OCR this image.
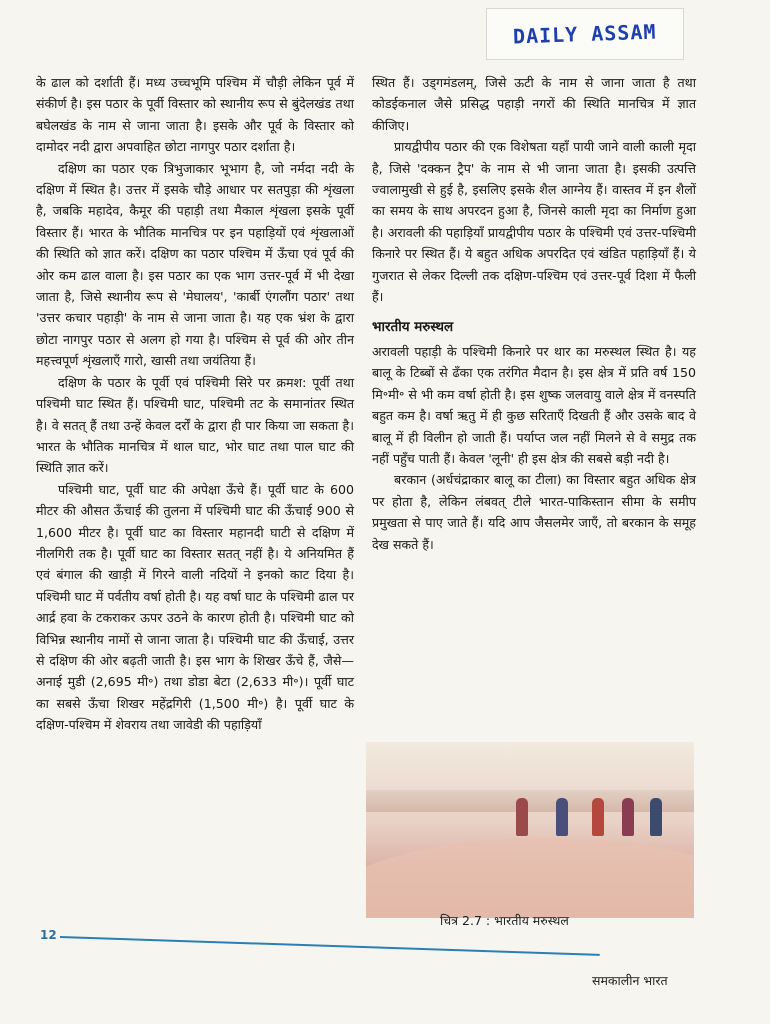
DAILY ASSAM

के ढाल को दर्शाती हैं। मध्य उच्चभूमि पश्चिम में चौड़ी लेकिन पूर्व में संकीर्ण है। इस पठार के पूर्वी विस्तार को स्थानीय रूप से बुंदेलखंड तथा बघेलखंड के नाम से जाना जाता है। इसके और पूर्व के विस्तार को दामोदर नदी द्वारा अपवाहित छोटा नागपुर पठार दर्शाता है।

दक्षिण का पठार एक त्रिभुजाकार भूभाग है, जो नर्मदा नदी के दक्षिण में स्थित है। उत्तर में इसके चौड़े आधार पर सतपुड़ा की शृंखला है, जबकि महादेव, कैमूर की पहाड़ी तथा मैकाल शृंखला इसके पूर्वी विस्तार हैं। भारत के भौतिक मानचित्र पर इन पहाड़ियों एवं शृंखलाओं की स्थिति को ज्ञात करें। दक्षिण का पठार पश्चिम में ऊँचा एवं पूर्व की ओर कम ढाल वाला है। इस पठार का एक भाग उत्तर-पूर्व में भी देखा जाता है, जिसे स्थानीय रूप से 'मेघालय', 'कार्बी एंगलौंग पठार' तथा 'उत्तर कचार पहाड़ी' के नाम से जाना जाता है। यह एक भ्रंश के द्वारा छोटा नागपुर पठार से अलग हो गया है। पश्चिम से पूर्व की ओर तीन महत्त्वपूर्ण शृंखलाएँ गारो, खासी तथा जयंतिया हैं।

दक्षिण के पठार के पूर्वी एवं पश्चिमी सिरे पर क्रमश: पूर्वी तथा पश्चिमी घाट स्थित हैं। पश्चिमी घाट, पश्चिमी तट के समानांतर स्थित है। वे सतत् हैं तथा उन्हें केवल दर्रों के द्वारा ही पार किया जा सकता है। भारत के भौतिक मानचित्र में थाल घाट, भोर घाट तथा पाल घाट की स्थिति ज्ञात करें।

पश्चिमी घाट, पूर्वी घाट की अपेक्षा ऊँचे हैं। पूर्वी घाट के 600 मीटर की औसत ऊँचाई की तुलना में पश्चिमी घाट की ऊँचाई 900 से 1,600 मीटर है। पूर्वी घाट का विस्तार महानदी घाटी से दक्षिण में नीलगिरी तक है। पूर्वी घाट का विस्तार सतत् नहीं है। ये अनियमित हैं एवं बंगाल की खाड़ी में गिरने वाली नदियों ने इनको काट दिया है। पश्चिमी घाट में पर्वतीय वर्षा होती है। यह वर्षा घाट के पश्चिमी ढाल पर आर्द्र हवा के टकराकर ऊपर उठने के कारण होती है। पश्चिमी घाट को विभिन्न स्थानीय नामों से जाना जाता है। पश्चिमी घाट की ऊँचाई, उत्तर से दक्षिण की ओर बढ़ती जाती है। इस भाग के शिखर ऊँचे हैं, जैसे— अनाई मुडी (2,695 मी॰) तथा डोडा बेटा (2,633 मी॰)। पूर्वी घाट का सबसे ऊँचा शिखर महेंद्रगिरी (1,500 मी॰) है। पूर्वी घाट के दक्षिण-पश्चिम में शेवराय तथा जावेडी की पहाड़ियाँ

स्थित हैं। उड्गमंडलम्, जिसे ऊटी के नाम से जाना जाता है तथा कोडईकनाल जैसे प्रसिद्ध पहाड़ी नगरों की स्थिति मानचित्र में ज्ञात कीजिए।

प्रायद्वीपीय पठार की एक विशेषता यहाँ पायी जाने वाली काली मृदा है, जिसे 'दक्कन ट्रैप' के नाम से भी जाना जाता है। इसकी उत्पत्ति ज्वालामुखी से हुई है, इसलिए इसके शैल आग्नेय हैं। वास्तव में इन शैलों का समय के साथ अपरदन हुआ है, जिनसे काली मृदा का निर्माण हुआ है। अरावली की पहाड़ियाँ प्रायद्वीपीय पठार के पश्चिमी एवं उत्तर-पश्चिमी किनारे पर स्थित हैं। ये बहुत अधिक अपरदित एवं खंडित पहाड़ियाँ हैं। ये गुजरात से लेकर दिल्ली तक दक्षिण-पश्चिम एवं उत्तर-पूर्व दिशा में फैली हैं।

भारतीय मरुस्थल

अरावली पहाड़ी के पश्चिमी किनारे पर थार का मरुस्थल स्थित है। यह बालू के टिब्बों से ढँका एक तरंगित मैदान है। इस क्षेत्र में प्रति वर्ष 150 मि॰मी॰ से भी कम वर्षा होती है। इस शुष्क जलवायु वाले क्षेत्र में वनस्पति बहुत कम है। वर्षा ऋतु में ही कुछ सरिताएँ दिखती हैं और उसके बाद वे बालू में ही विलीन हो जाती हैं। पर्याप्त जल नहीं मिलने से वे समुद्र तक नहीं पहुँच पाती हैं। केवल 'लूनी' ही इस क्षेत्र की सबसे बड़ी नदी है।

बरकान (अर्धचंद्राकार बालू का टीला) का विस्तार बहुत अधिक क्षेत्र पर होता है, लेकिन लंबवत् टीले भारत-पाकिस्तान सीमा के समीप प्रमुखता से पाए जाते हैं। यदि आप जैसलमेर जाएँ, तो बरकान के समूह देख सकते हैं।

चित्र 2.7 : भारतीय मरुस्थल
12
समकालीन भारत
